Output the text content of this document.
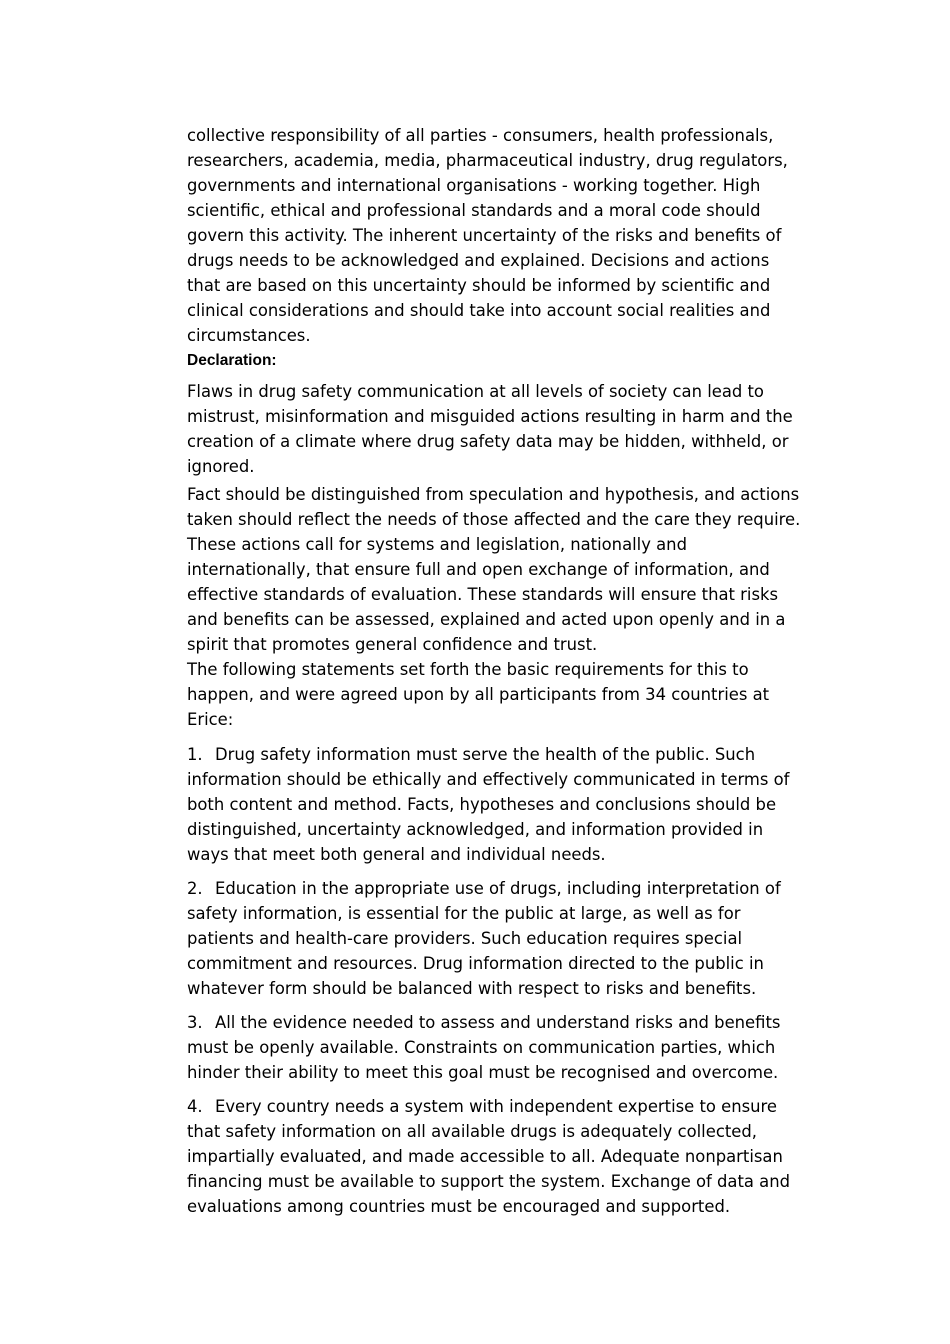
collective responsibility of all parties - consumers, health professionals, researchers, academia, media, pharmaceutical industry, drug regulators, governments and international organisations - working together. High scientific, ethical and professional standards and a moral code should govern this activity. The inherent uncertainty of the risks and benefits of drugs needs to be acknowledged and explained. Decisions and actions that are based on this uncertainty should be informed by scientific and clinical considerations and should take into account social realities and circumstances.

Declaration:

Flaws in drug safety communication at all levels of society can lead to mistrust, misinformation and misguided actions resulting in harm and the creation of a climate where drug safety data may be hidden, withheld, or ignored.

Fact should be distinguished from speculation and hypothesis, and actions taken should reflect the needs of those affected and the care they require. These actions call for systems and legislation, nationally and internationally, that ensure full and open exchange of information, and effective standards of evaluation. These standards will ensure that risks and benefits can be assessed, explained and acted upon openly and in a spirit that promotes general confidence and trust.

The following statements set forth the basic requirements for this to happen, and were agreed upon by all participants from 34 countries at Erice:

1. Drug safety information must serve the health of the public. Such information should be ethically and effectively communicated in terms of both content and method. Facts, hypotheses and conclusions should be distinguished, uncertainty acknowledged, and information provided in ways that meet both general and individual needs.
2. Education in the appropriate use of drugs, including interpretation of safety information, is essential for the public at large, as well as for patients and health-care providers. Such education requires special commitment and resources. Drug information directed to the public in whatever form should be balanced with respect to risks and benefits.
3. All the evidence needed to assess and understand risks and benefits must be openly available. Constraints on communication parties, which hinder their ability to meet this goal must be recognised and overcome.
4. Every country needs a system with independent expertise to ensure that safety information on all available drugs is adequately collected, impartially evaluated, and made accessible to all. Adequate nonpartisan financing must be available to support the system. Exchange of data and evaluations among countries must be encouraged and supported.
